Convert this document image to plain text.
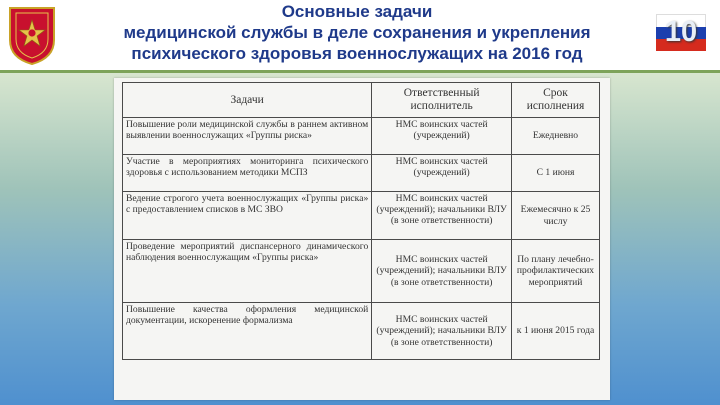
Основные задачи
медицинской службы в деле сохранения и укрепления
психического здоровья военнослужащих на 2016 год
10
Задачи	Ответственный исполнитель	Срок исполнения
Повышение роли медицинской службы в раннем активном выявлении военнослужащих «Группы риска»	НМС воинских частей (учреждений)	Ежедневно
Участие в мероприятиях мониторинга психического здоровья с использованием методики МСПЗ	НМС воинских частей (учреждений)	С 1 июня
Ведение строгого учета военнослужащих «Группы риска» с предоставлением списков в МС ЗВО	НМС воинских частей (учреждений); начальники ВЛУ (в зоне ответственности)	Ежемесячно к 25 числу
Проведение мероприятий диспансерного динамического наблюдения военнослужащим «Группы риска»	НМС воинских частей (учреждений); начальники ВЛУ (в зоне ответственности)	По плану лечебно-профилактических мероприятий
Повышение качества оформления медицинской документации, искоренение формализма	НМС воинских частей (учреждений); начальники ВЛУ (в зоне ответственности)	к 1 июня 2015 года
